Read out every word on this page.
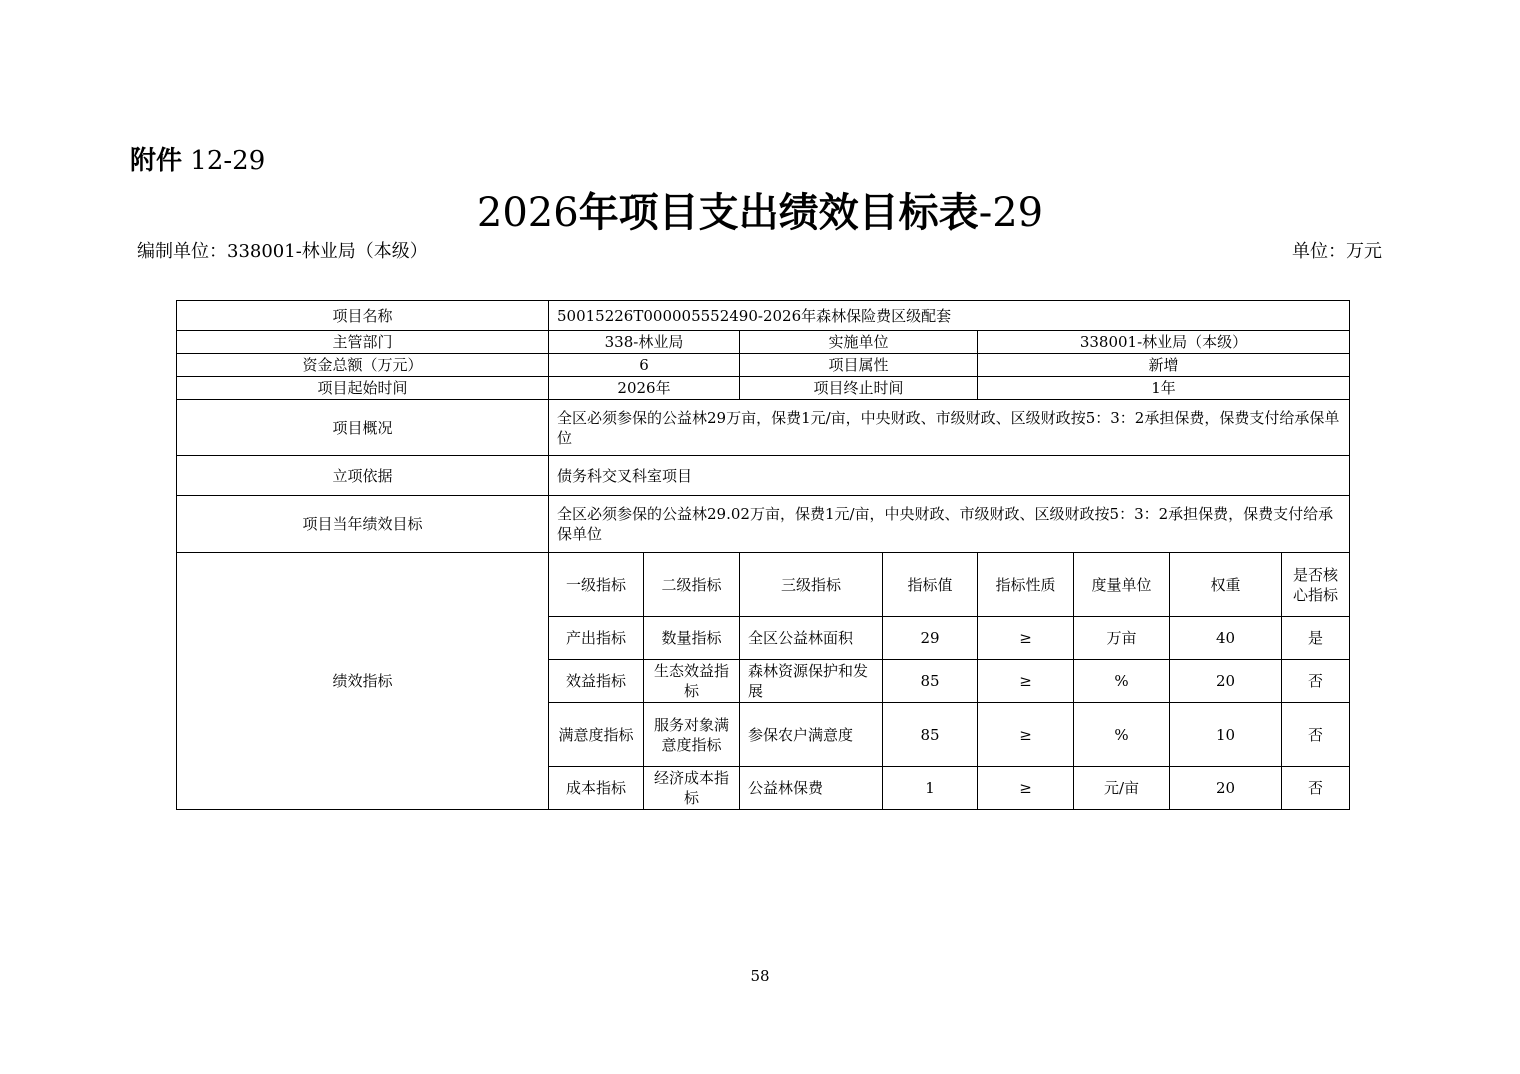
附件 12-29
2026年项目支出绩效目标表-29
编制单位：338001-林业局（本级）	单位：万元
项目名称	50015226T000005552490-2026年森林保险费区级配套							
主管部门	338-林业局		实施单位		338001-林业局（本级）			
资金总额（万元）	6		项目属性		新增			
项目起始时间	2026年		项目终止时间		1年			
项目概况	全区必须参保的公益林29万亩，保费1元/亩，中央财政、市级财政、区级财政按5：3：2承担保费，保费支付给承保单位							
立项依据	债务科交叉科室项目							
项目当年绩效目标	全区必须参保的公益林29.02万亩，保费1元/亩，中央财政、市级财政、区级财政按5：3：2承担保费，保费支付给承保单位							
绩效指标	一级指标	二级指标	三级指标	指标值	指标性质	度量单位	权重	是否核心指标
	产出指标	数量指标	全区公益林面积	29	≥	万亩	40	是
	效益指标	生态效益指标	森林资源保护和发展	85	≥	%	20	否
	满意度指标	服务对象满意度指标	参保农户满意度	85	≥	%	10	否
	成本指标	经济成本指标	公益林保费	1	≥	元/亩	20	否
58
